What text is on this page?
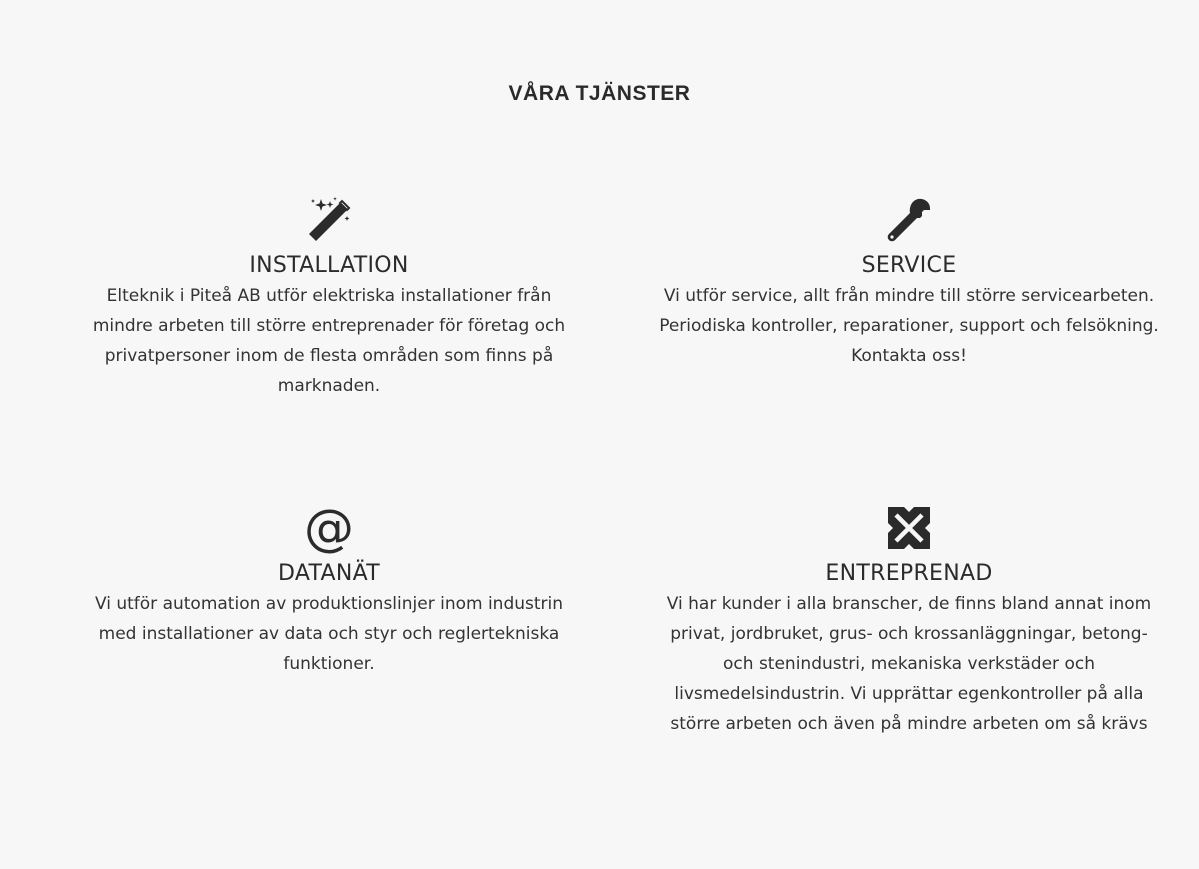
VÅRA TJÄNSTER
INSTALLATION

Elteknik i Piteå AB utför elektriska installationer från mindre arbeten till större entreprenader för företag och privatpersoner inom de flesta områden som finns på marknaden.

SERVICE

Vi utför service, allt från mindre till större servicearbeten. Periodiska kontroller, reparationer, support och felsökning. Kontakta oss!

@
DATANÄT

Vi utför automation av produktionslinjer inom industrin med installationer av data och styr och reglertekniska funktioner.

ENTREPRENAD

Vi har kunder i alla branscher, de finns bland annat inom privat, jordbruket, grus- och krossanläggningar, betong- och stenindustri, mekaniska verkstäder och livsmedelsindustrin. Vi upprättar egenkontroller på alla större arbeten och även på mindre arbeten om så krävs
